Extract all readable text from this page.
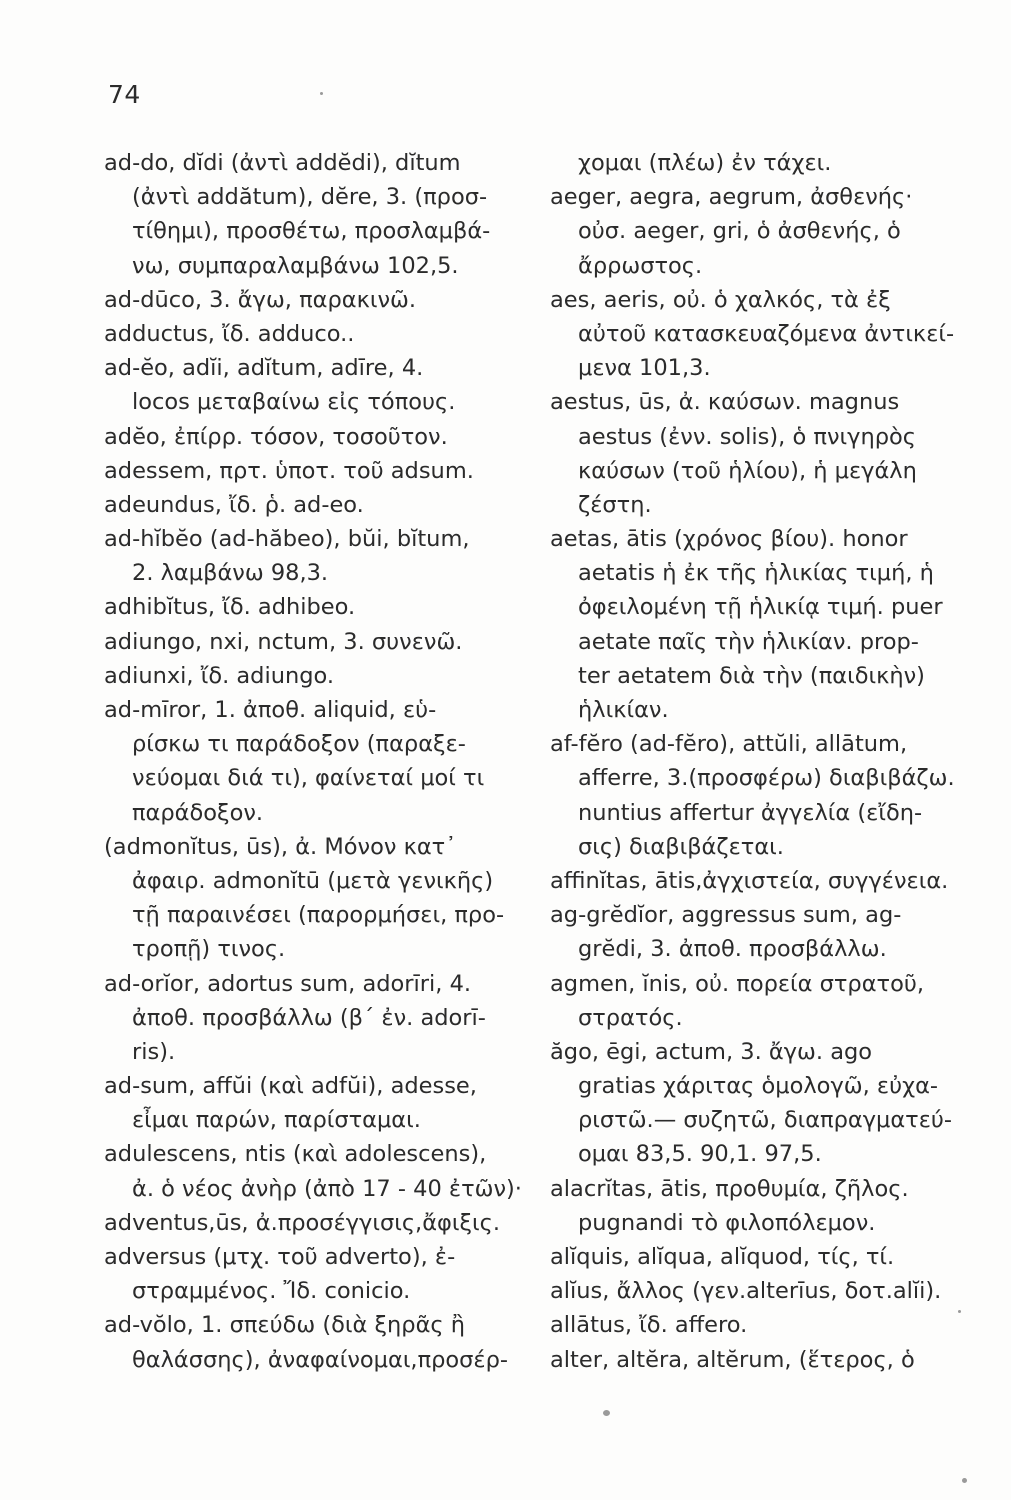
74
ad-do, dĭdi (ἀντὶ addĕdi), dĭtum
(ἀντὶ addătum), dĕre, 3. (προσ-
τίθημι), προσθέτω, προσλαμβά-
νω, συμπαραλαμβάνω 102,5.
ad-dūco, 3. ἄγω, παρακινῶ.
adductus, ἴδ. adduco..
ad-ĕo, adĭi, adĭtum, adīre, 4.
locos μεταβαίνω εἰς τόπους.
adĕo, ἐπίρρ. τόσον, τοσοῦτον.
adessem, πρτ. ὑποτ. τοῦ adsum.
adeundus, ἴδ. ῥ. ad-eo.
ad-hĭbĕo (ad-hăbeo), bŭi, bĭtum,
2. λαμβάνω 98,3.
adhibĭtus, ἴδ. adhibeo.
adiungo, nxi, nctum, 3. συνενῶ.
adiunxi, ἴδ. adiungo.
ad-mīror, 1. ἀποθ. aliquid, εὑ-
ρίσκω τι παράδοξον (παραξε-
νεύομαι διά τι), φαίνεταί μοί τι
παράδοξον.
(admonĭtus, ūs), ἀ. Μόνον κατ᾽
ἀφαιρ. admonĭtū (μετὰ γενικῆς)
τῇ παραινέσει (παρορμήσει, προ-
τροπῇ) τινος.
ad-orĭor, adortus sum, adorīri, 4.
ἀποθ. προσβάλλω (β΄ ἐν. adorī-
ris).
ad-sum, affŭi (καὶ adfŭi), adesse,
εἶμαι παρών, παρίσταμαι.
adulescens, ntis (καὶ adolescens),
ἀ. ὁ νέος ἀνὴρ (ἀπὸ 17 - 40 ἐτῶν)·
adventus,ūs, ἀ.προσέγγισις,ἄφιξις.
adversus (μτχ. τοῦ adverto), ἐ-
στραμμένος. Ἴδ. conicio.
ad-vŏlo, 1. σπεύδω (διὰ ξηρᾶς ἢ
θαλάσσης), ἀναφαίνομαι,προσέρ-
χομαι (πλέω) ἐν τάχει.
aeger, aegra, aegrum, ἀσθενής·
οὐσ. aeger, gri, ὁ ἀσθενής, ὁ
ἄρρωστος.
aes, aeris, οὐ. ὁ χαλκός, τὰ ἐξ
αὐτοῦ κατασκευαζόμενα ἀντικεί-
μενα 101,3.
aestus, ūs, ἀ. καύσων. magnus
aestus (ἐνν. solis), ὁ πνιγηρὸς
καύσων (τοῦ ἡλίου), ἡ μεγάλη
ζέστη.
aetas, ātis (χρόνος βίου). honor
aetatis ἡ ἐκ τῆς ἡλικίας τιμή, ἡ
ὀφειλομένη τῇ ἡλικίᾳ τιμή. puer
aetate παῖς τὴν ἡλικίαν. prop-
ter aetatem διὰ τὴν (παιδικὴν)
ἡλικίαν.
af-fĕro (ad-fĕro), attŭli, allātum,
afferre, 3.(προσφέρω) διαβιβάζω.
nuntius affertur ἀγγελία (εἴδη-
σις) διαβιβάζεται.
affinĭtas, ātis,ἀγχιστεία, συγγένεια.
ag-grĕdĭor, aggressus sum, ag-
grĕdi, 3. ἀποθ. προσβάλλω.
agmen, ĭnis, οὐ. πορεία στρατοῦ,
στρατός.
ăgo, ēgi, actum, 3. ἄγω. ago
gratias χάριτας ὁμολογῶ, εὐχα-
ριστῶ.— συζητῶ, διαπραγματεύ-
ομαι 83,5. 90,1. 97,5.
alacrĭtas, ātis, προθυμία, ζῆλος.
pugnandi τὸ φιλοπόλεμον.
alĭquis, alĭqua, alĭquod, τίς, τί.
alĭus, ἄλλος (γεν.alterīus, δοτ.alĭi).
allātus, ἴδ. affero.
alter, altĕra, altĕrum, (ἕτερος, ὁ
